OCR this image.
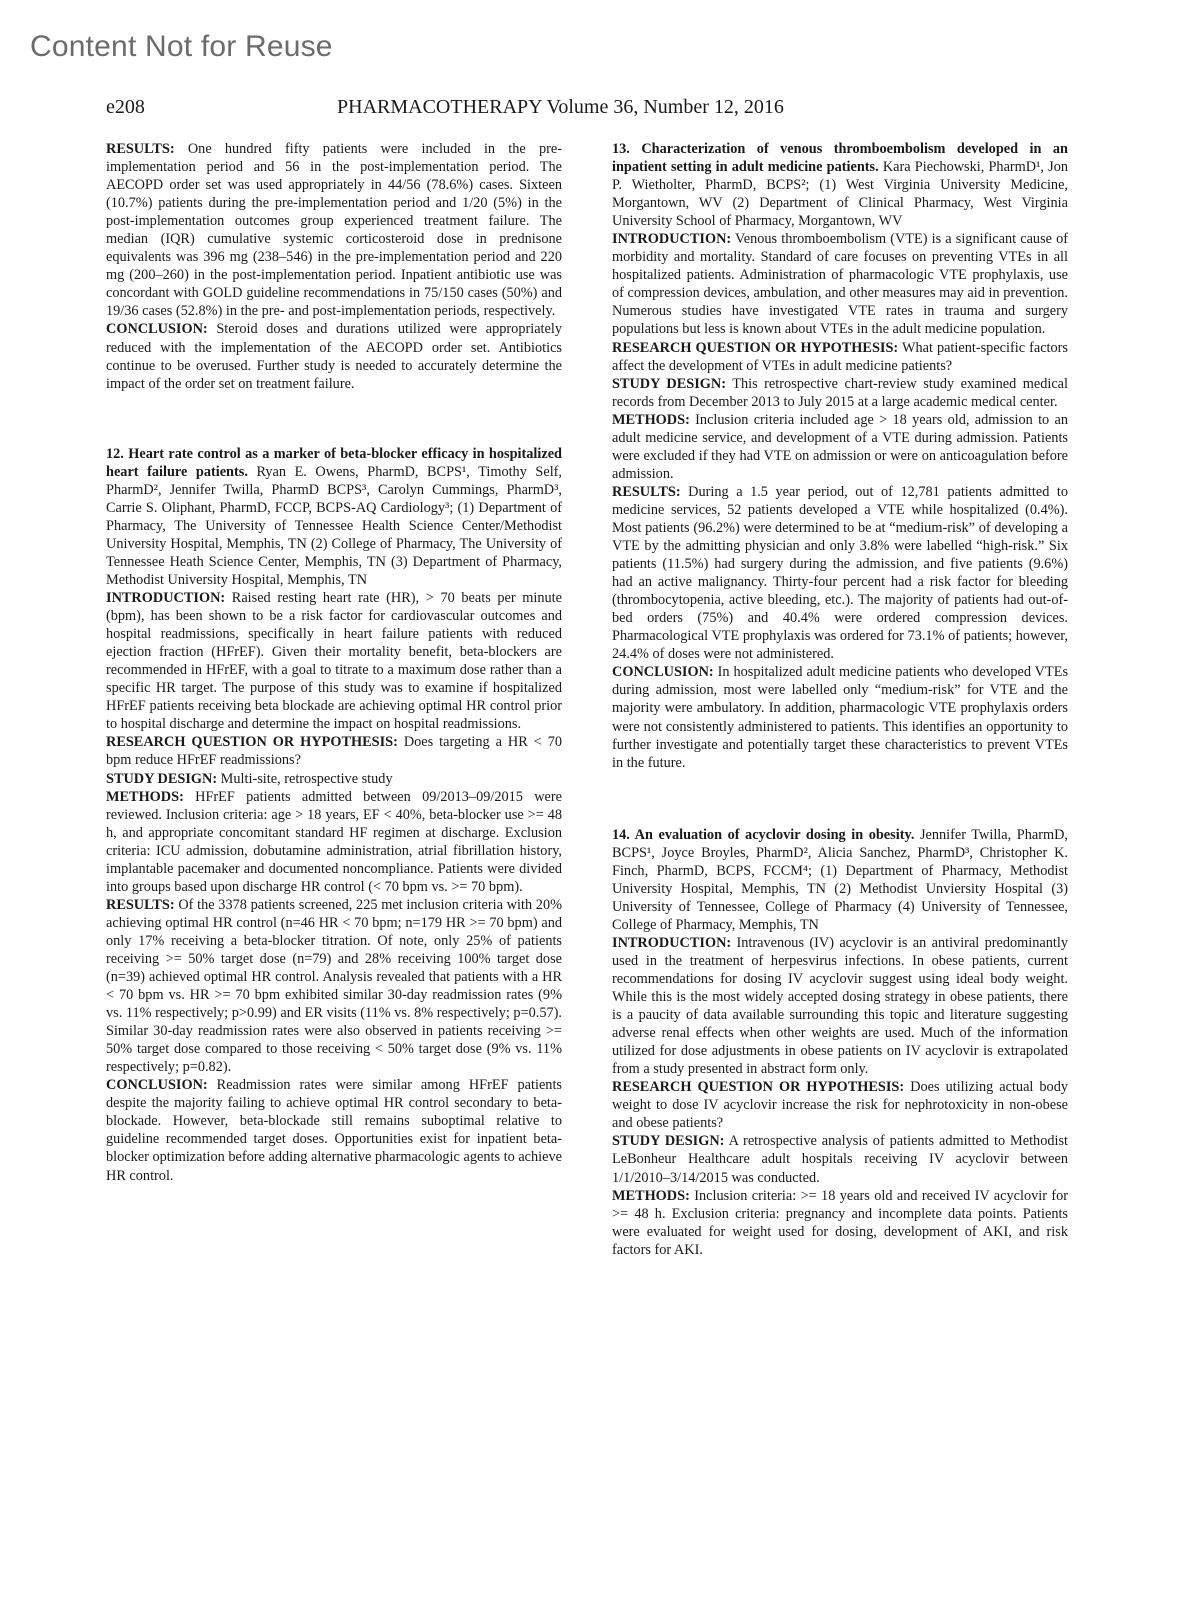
Content Not for Reuse
e208	PHARMACOTHERAPY Volume 36, Number 12, 2016

RESULTS: One hundred fifty patients were included in the pre-implementation period and 56 in the post-implementation period. The AECOPD order set was used appropriately in 44/56 (78.6%) cases. Sixteen (10.7%) patients during the pre-implementation period and 1/20 (5%) in the post-implementation outcomes group experienced treatment failure. The median (IQR) cumulative systemic corticosteroid dose in prednisone equivalents was 396 mg (238–546) in the pre-implementation period and 220 mg (200–260) in the post-implementation period. Inpatient antibiotic use was concordant with GOLD guideline recommendations in 75/150 cases (50%) and 19/36 cases (52.8%) in the pre- and post-implementation periods, respectively.

CONCLUSION: Steroid doses and durations utilized were appropriately reduced with the implementation of the AECOPD order set. Antibiotics continue to be overused. Further study is needed to accurately determine the impact of the order set on treatment failure.

12. Heart rate control as a marker of beta-blocker efficacy in hospitalized heart failure patients. Ryan E. Owens, PharmD, BCPS¹, Timothy Self, PharmD², Jennifer Twilla, PharmD BCPS³, Carolyn Cummings, PharmD³, Carrie S. Oliphant, PharmD, FCCP, BCPS-AQ Cardiology³; (1) Department of Pharmacy, The University of Tennessee Health Science Center/Methodist University Hospital, Memphis, TN (2) College of Pharmacy, The University of Tennessee Heath Science Center, Memphis, TN (3) Department of Pharmacy, Methodist University Hospital, Memphis, TN

INTRODUCTION: Raised resting heart rate (HR), > 70 beats per minute (bpm), has been shown to be a risk factor for cardiovascular outcomes and hospital readmissions, specifically in heart failure patients with reduced ejection fraction (HFrEF). Given their mortality benefit, beta-blockers are recommended in HFrEF, with a goal to titrate to a maximum dose rather than a specific HR target. The purpose of this study was to examine if hospitalized HFrEF patients receiving beta blockade are achieving optimal HR control prior to hospital discharge and determine the impact on hospital readmissions.

RESEARCH QUESTION OR HYPOTHESIS: Does targeting a HR < 70 bpm reduce HFrEF readmissions?

STUDY DESIGN: Multi-site, retrospective study

METHODS: HFrEF patients admitted between 09/2013–09/2015 were reviewed. Inclusion criteria: age > 18 years, EF < 40%, beta-blocker use >= 48 h, and appropriate concomitant standard HF regimen at discharge. Exclusion criteria: ICU admission, dobutamine administration, atrial fibrillation history, implantable pacemaker and documented noncompliance. Patients were divided into groups based upon discharge HR control (< 70 bpm vs. >= 70 bpm).

RESULTS: Of the 3378 patients screened, 225 met inclusion criteria with 20% achieving optimal HR control (n=46 HR < 70 bpm; n=179 HR >= 70 bpm) and only 17% receiving a beta-blocker titration. Of note, only 25% of patients receiving >= 50% target dose (n=79) and 28% receiving 100% target dose (n=39) achieved optimal HR control. Analysis revealed that patients with a HR < 70 bpm vs. HR >= 70 bpm exhibited similar 30-day readmission rates (9% vs. 11% respectively; p>0.99) and ER visits (11% vs. 8% respectively; p=0.57). Similar 30-day readmission rates were also observed in patients receiving >= 50% target dose compared to those receiving < 50% target dose (9% vs. 11% respectively; p=0.82).

CONCLUSION: Readmission rates were similar among HFrEF patients despite the majority failing to achieve optimal HR control secondary to beta-blockade. However, beta-blockade still remains suboptimal relative to guideline recommended target doses. Opportunities exist for inpatient beta-blocker optimization before adding alternative pharmacologic agents to achieve HR control.

13. Characterization of venous thromboembolism developed in an inpatient setting in adult medicine patients. Kara Piechowski, PharmD¹, Jon P. Wietholter, PharmD, BCPS²; (1) West Virginia University Medicine, Morgantown, WV (2) Department of Clinical Pharmacy, West Virginia University School of Pharmacy, Morgantown, WV

INTRODUCTION: Venous thromboembolism (VTE) is a significant cause of morbidity and mortality. Standard of care focuses on preventing VTEs in all hospitalized patients. Administration of pharmacologic VTE prophylaxis, use of compression devices, ambulation, and other measures may aid in prevention. Numerous studies have investigated VTE rates in trauma and surgery populations but less is known about VTEs in the adult medicine population.

RESEARCH QUESTION OR HYPOTHESIS: What patient-specific factors affect the development of VTEs in adult medicine patients?

STUDY DESIGN: This retrospective chart-review study examined medical records from December 2013 to July 2015 at a large academic medical center.

METHODS: Inclusion criteria included age > 18 years old, admission to an adult medicine service, and development of a VTE during admission. Patients were excluded if they had VTE on admission or were on anticoagulation before admission.

RESULTS: During a 1.5 year period, out of 12,781 patients admitted to medicine services, 52 patients developed a VTE while hospitalized (0.4%). Most patients (96.2%) were determined to be at “medium-risk” of developing a VTE by the admitting physician and only 3.8% were labelled “high-risk.” Six patients (11.5%) had surgery during the admission, and five patients (9.6%) had an active malignancy. Thirty-four percent had a risk factor for bleeding (thrombocytopenia, active bleeding, etc.). The majority of patients had out-of-bed orders (75%) and 40.4% were ordered compression devices. Pharmacological VTE prophylaxis was ordered for 73.1% of patients; however, 24.4% of doses were not administered.

CONCLUSION: In hospitalized adult medicine patients who developed VTEs during admission, most were labelled only “medium-risk” for VTE and the majority were ambulatory. In addition, pharmacologic VTE prophylaxis orders were not consistently administered to patients. This identifies an opportunity to further investigate and potentially target these characteristics to prevent VTEs in the future.

14. An evaluation of acyclovir dosing in obesity. Jennifer Twilla, PharmD, BCPS¹, Joyce Broyles, PharmD², Alicia Sanchez, PharmD³, Christopher K. Finch, PharmD, BCPS, FCCM⁴; (1) Department of Pharmacy, Methodist University Hospital, Memphis, TN (2) Methodist Unviersity Hospital (3) University of Tennessee, College of Pharmacy (4) University of Tennessee, College of Pharmacy, Memphis, TN

INTRODUCTION: Intravenous (IV) acyclovir is an antiviral predominantly used in the treatment of herpesvirus infections. In obese patients, current recommendations for dosing IV acyclovir suggest using ideal body weight. While this is the most widely accepted dosing strategy in obese patients, there is a paucity of data available surrounding this topic and literature suggesting adverse renal effects when other weights are used. Much of the information utilized for dose adjustments in obese patients on IV acyclovir is extrapolated from a study presented in abstract form only.

RESEARCH QUESTION OR HYPOTHESIS: Does utilizing actual body weight to dose IV acyclovir increase the risk for nephrotoxicity in non-obese and obese patients?

STUDY DESIGN: A retrospective analysis of patients admitted to Methodist LeBonheur Healthcare adult hospitals receiving IV acyclovir between 1/1/2010–3/14/2015 was conducted.

METHODS: Inclusion criteria: >= 18 years old and received IV acyclovir for >= 48 h. Exclusion criteria: pregnancy and incomplete data points. Patients were evaluated for weight used for dosing, development of AKI, and risk factors for AKI.
